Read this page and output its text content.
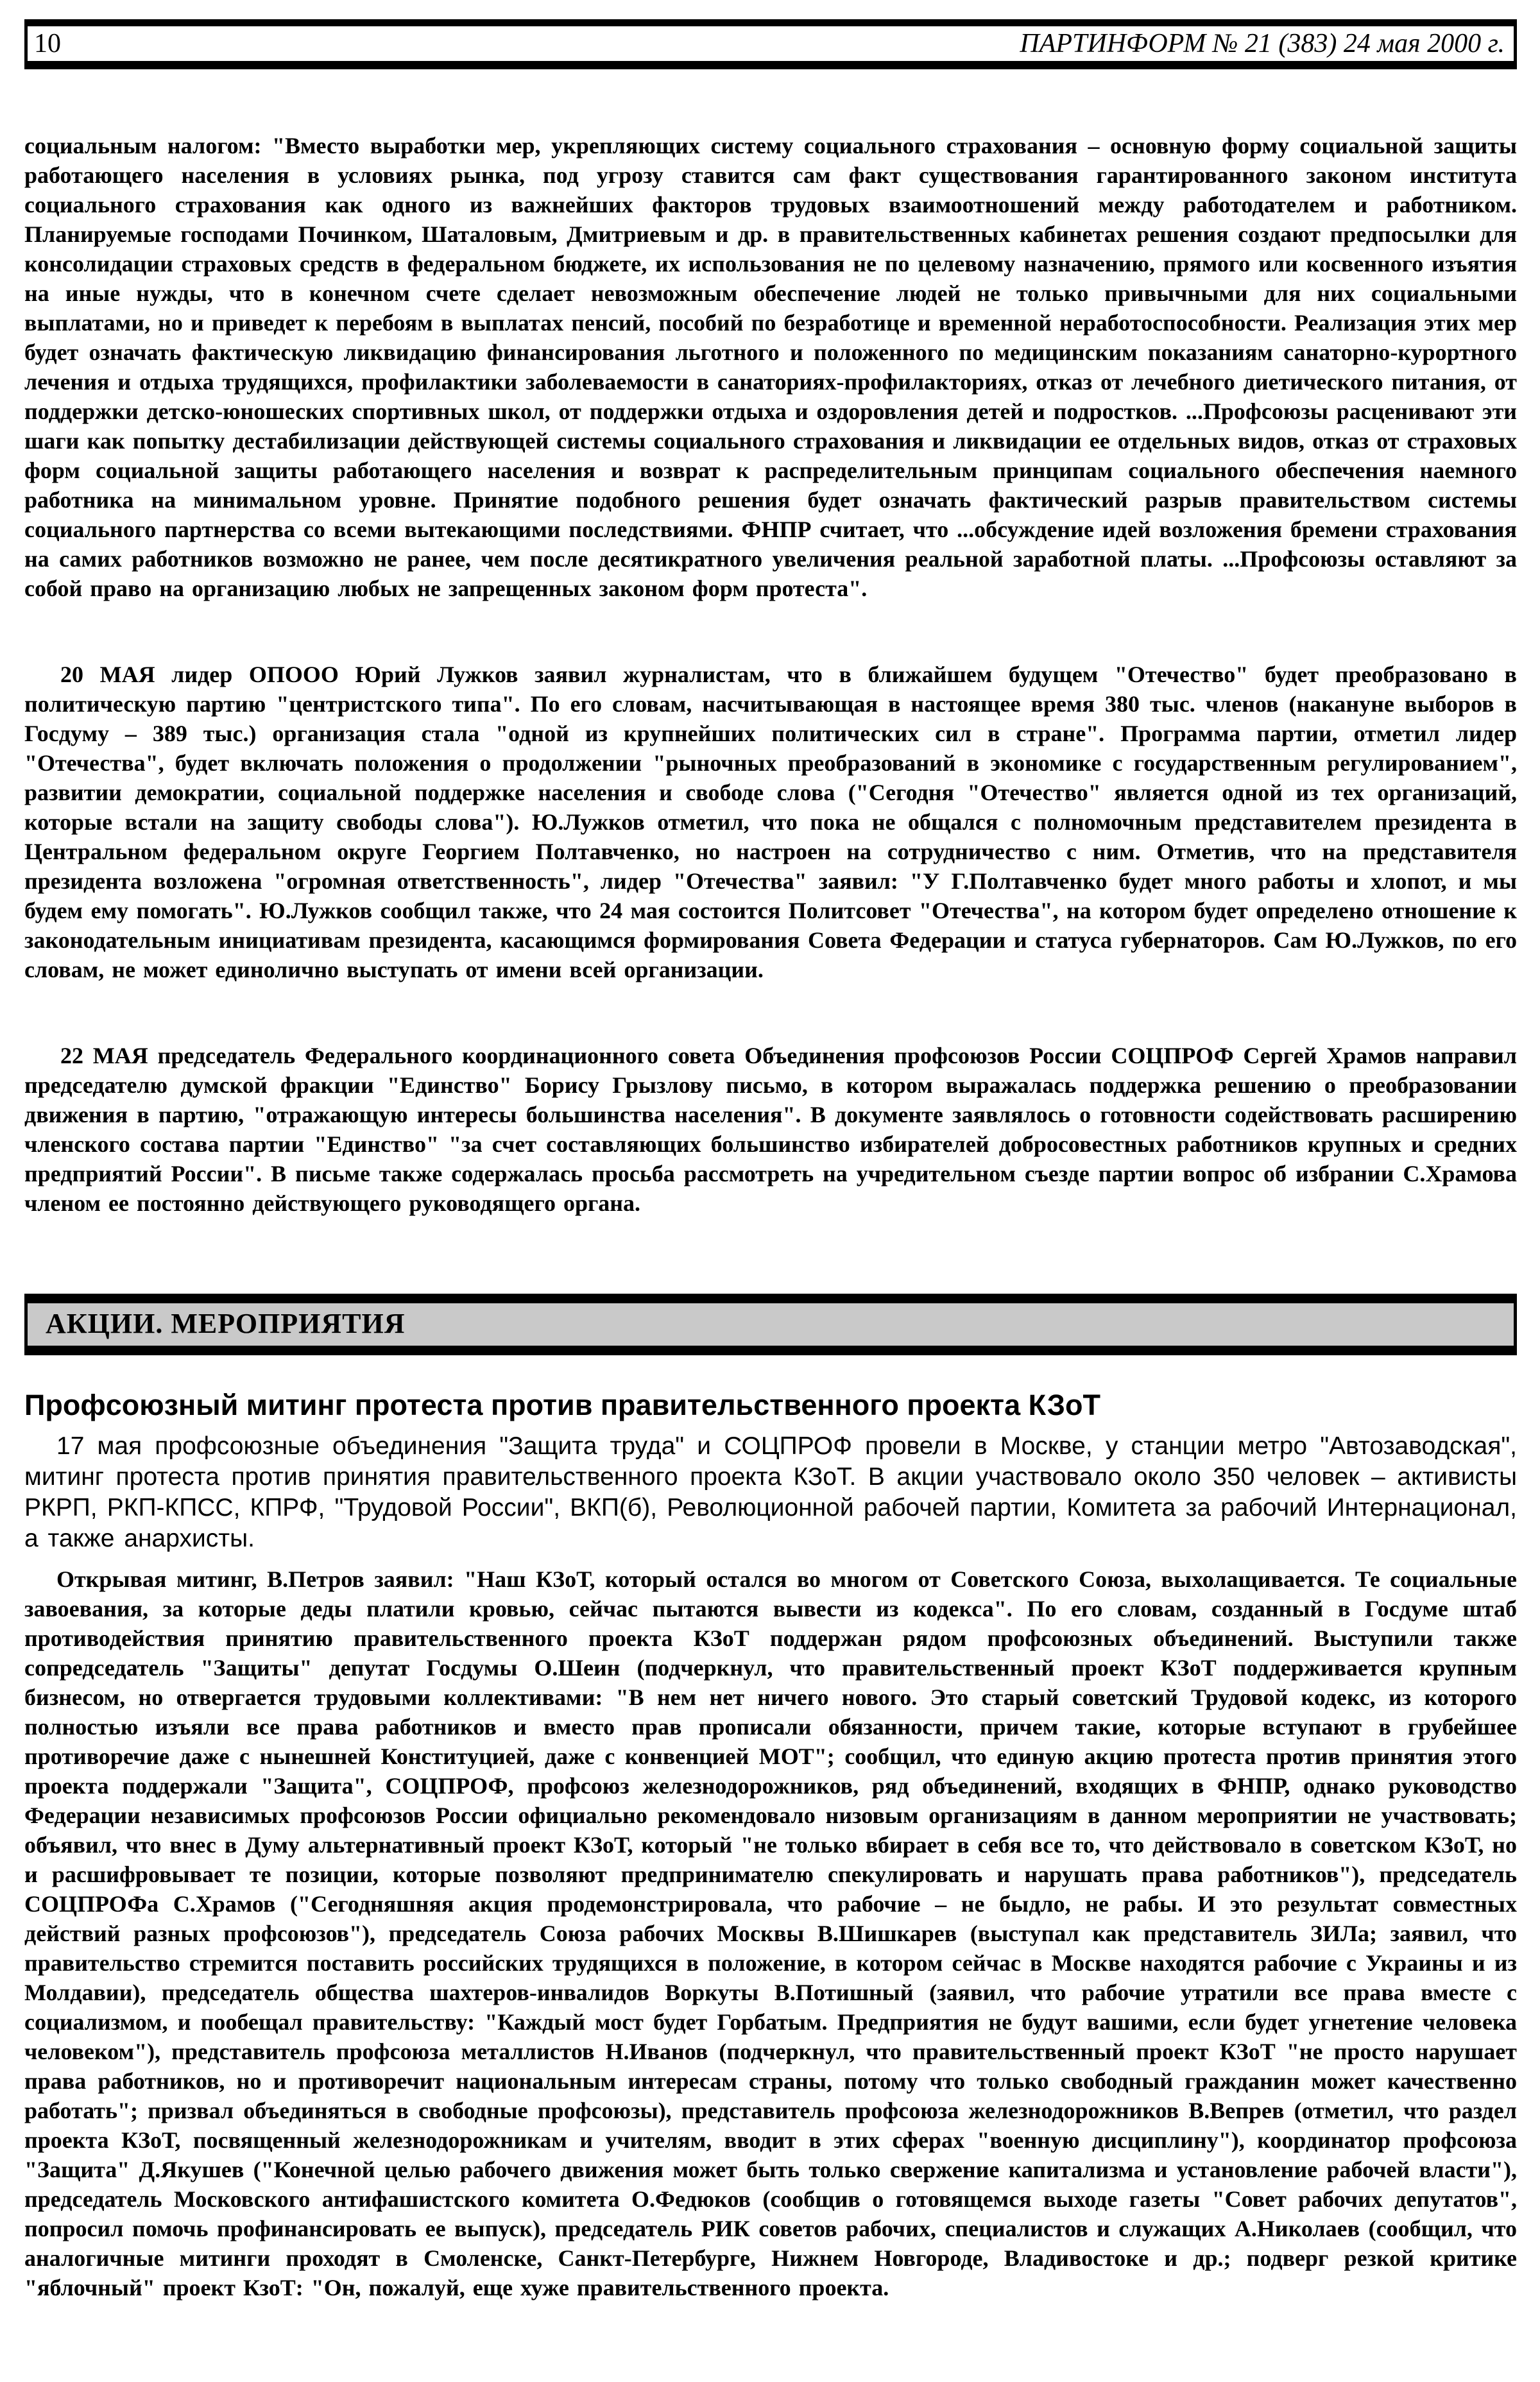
10	ПАРТИНФОРМ № 21 (383) 24 мая 2000 г.

социальным налогом: "Вместо выработки мер, укрепляющих систему социального страхования – основную форму социальной защиты работающего населения в условиях рынка, под угрозу ставится сам факт существования гарантированного законом института социального страхования как одного из важнейших факторов трудовых взаимоотношений между работодателем и работником. Планируемые господами Починком, Шаталовым, Дмитриевым и др. в правительственных кабинетах решения создают предпосылки для консолидации страховых средств в федеральном бюджете, их использования не по целевому назначению, прямого или косвенного изъятия на иные нужды, что в конечном счете сделает невозможным обеспечение людей не только привычными для них социальными выплатами, но и приведет к перебоям в выплатах пенсий, пособий по безработице и временной неработоспособности. Реализация этих мер будет означать фактическую ликвидацию финансирования льготного и положенного по медицинским показаниям санаторно-курортного лечения и отдыха трудящихся, профилактики заболеваемости в санаториях-профилакториях, отказ от лечебного диетического питания, от поддержки детско-юношеских спортивных школ, от поддержки отдыха и оздоровления детей и подростков. ...Профсоюзы расценивают эти шаги как попытку дестабилизации действующей системы социального страхования и ликвидации ее отдельных видов, отказ от страховых форм социальной защиты работающего населения и возврат к распределительным принципам социального обеспечения наемного работника на минимальном уровне. Принятие подобного решения будет означать фактический разрыв правительством системы социального партнерства со всеми вытекающими последствиями. ФНПР считает, что ...обсуждение идей возложения бремени страхования на самих работников возможно не ранее, чем после десятикратного увеличения реальной заработной платы. ...Профсоюзы оставляют за собой право на организацию любых не запрещенных законом форм протеста".

20 МАЯ лидер ОПООО Юрий Лужков заявил журналистам, что в ближайшем будущем "Отечество" будет преобразовано в политическую партию "центристского типа". По его словам, насчитывающая в настоящее время 380 тыс. членов (накануне выборов в Госдуму – 389 тыс.) организация стала "одной из крупнейших политических сил в стране". Программа партии, отметил лидер "Отечества", будет включать положения о продолжении "рыночных преобразований в экономике с государственным регулированием", развитии демократии, социальной поддержке населения и свободе слова ("Сегодня "Отечество" является одной из тех организаций, которые встали на защиту свободы слова"). Ю.Лужков отметил, что пока не общался с полномочным представителем президента в Центральном федеральном округе Георгием Полтавченко, но настроен на сотрудничество с ним. Отметив, что на представителя президента возложена "огромная ответственность", лидер "Отечества" заявил: "У Г.Полтавченко будет много работы и хлопот, и мы будем ему помогать". Ю.Лужков сообщил также, что 24 мая состоится Политсовет "Отечества", на котором будет определено отношение к законодательным инициативам президента, касающимся формирования Совета Федерации и статуса губернаторов. Сам Ю.Лужков, по его словам, не может единолично выступать от имени всей организации.

22 МАЯ председатель Федерального координационного совета Объединения профсоюзов России СОЦПРОФ Сергей Храмов направил председателю думской фракции "Единство" Борису Грызлову письмо, в котором выражалась поддержка решению о преобразовании движения в партию, "отражающую интересы большинства населения". В документе заявлялось о готовности содействовать расширению членского состава партии "Единство" "за счет составляющих большинство избирателей добросовестных работников крупных и средних предприятий России". В письме также содержалась просьба рассмотреть на учредительном съезде партии вопрос об избрании С.Храмова членом ее постоянно действующего руководящего органа.

АКЦИИ. МЕРОПРИЯТИЯ
Профсоюзный митинг протеста против правительственного проекта КЗоТ

17 мая профсоюзные объединения "Защита труда" и СОЦПРОФ провели в Москве, у станции метро "Автозаводская", митинг протеста против принятия правительственного проекта КЗоТ. В акции участвовало около 350 человек – активисты РКРП, РКП-КПСС, КПРФ, "Трудовой России", ВКП(б), Революционной рабочей партии, Комитета за рабочий Интернационал, а также анархисты.

Открывая митинг, В.Петров заявил: "Наш КЗоТ, который остался во многом от Советского Союза, выхолащивается. Те социальные завоевания, за которые деды платили кровью, сейчас пытаются вывести из кодекса". По его словам, созданный в Госдуме штаб противодействия принятию правительственного проекта КЗоТ поддержан рядом профсоюзных объединений. Выступили также сопредседатель "Защиты" депутат Госдумы О.Шеин (подчеркнул, что правительственный проект КЗоТ поддерживается крупным бизнесом, но отвергается трудовыми коллективами: "В нем нет ничего нового. Это старый советский Трудовой кодекс, из которого полностью изъяли все права работников и вместо прав прописали обязанности, причем такие, которые вступают в грубейшее противоречие даже с нынешней Конституцией, даже с конвенцией МОТ"; сообщил, что единую акцию протеста против принятия этого проекта поддержали "Защита", СОЦПРОФ, профсоюз железнодорожников, ряд объединений, входящих в ФНПР, однако руководство Федерации независимых профсоюзов России официально рекомендовало низовым организациям в данном мероприятии не участвовать; объявил, что внес в Думу альтернативный проект КЗоТ, который "не только вбирает в себя все то, что действовало в советском КЗоТ, но и расшифровывает те позиции, которые позволяют предпринимателю спекулировать и нарушать права работников"), председатель СОЦПРОФа С.Храмов ("Сегодняшняя акция продемонстрировала, что рабочие – не быдло, не рабы. И это результат совместных действий разных профсоюзов"), председатель Союза рабочих Москвы В.Шишкарев (выступал как представитель ЗИЛа; заявил, что правительство стремится поставить российских трудящихся в положение, в котором сейчас в Москве находятся рабочие с Украины и из Молдавии), председатель общества шахтеров-инвалидов Воркуты В.Потишный (заявил, что рабочие утратили все права вместе с социализмом, и пообещал правительству: "Каждый мост будет Горбатым. Предприятия не будут вашими, если будет угнетение человека человеком"), представитель профсоюза металлистов Н.Иванов (подчеркнул, что правительственный проект КЗоТ "не просто нарушает права работников, но и противоречит национальным интересам страны, потому что только свободный гражданин может качественно работать"; призвал объединяться в свободные профсоюзы), представитель профсоюза железнодорожников В.Вепрев (отметил, что раздел проекта КЗоТ, посвященный железнодорожникам и учителям, вводит в этих сферах "военную дисциплину"), координатор профсоюза "Защита" Д.Якушев ("Конечной целью рабочего движения может быть только свержение капитализма и установление рабочей власти"), председатель Московского антифашистского комитета О.Федюков (сообщив о готовящемся выходе газеты "Совет рабочих депутатов", попросил помочь профинансировать ее выпуск), председатель РИК советов рабочих, специалистов и служащих А.Николаев (сообщил, что аналогичные митинги проходят в Смоленске, Санкт-Петербурге, Нижнем Новгороде, Владивостоке и др.; подверг резкой критике "яблочный" проект КзоТ: "Он, пожалуй, еще хуже правительственного проекта.
